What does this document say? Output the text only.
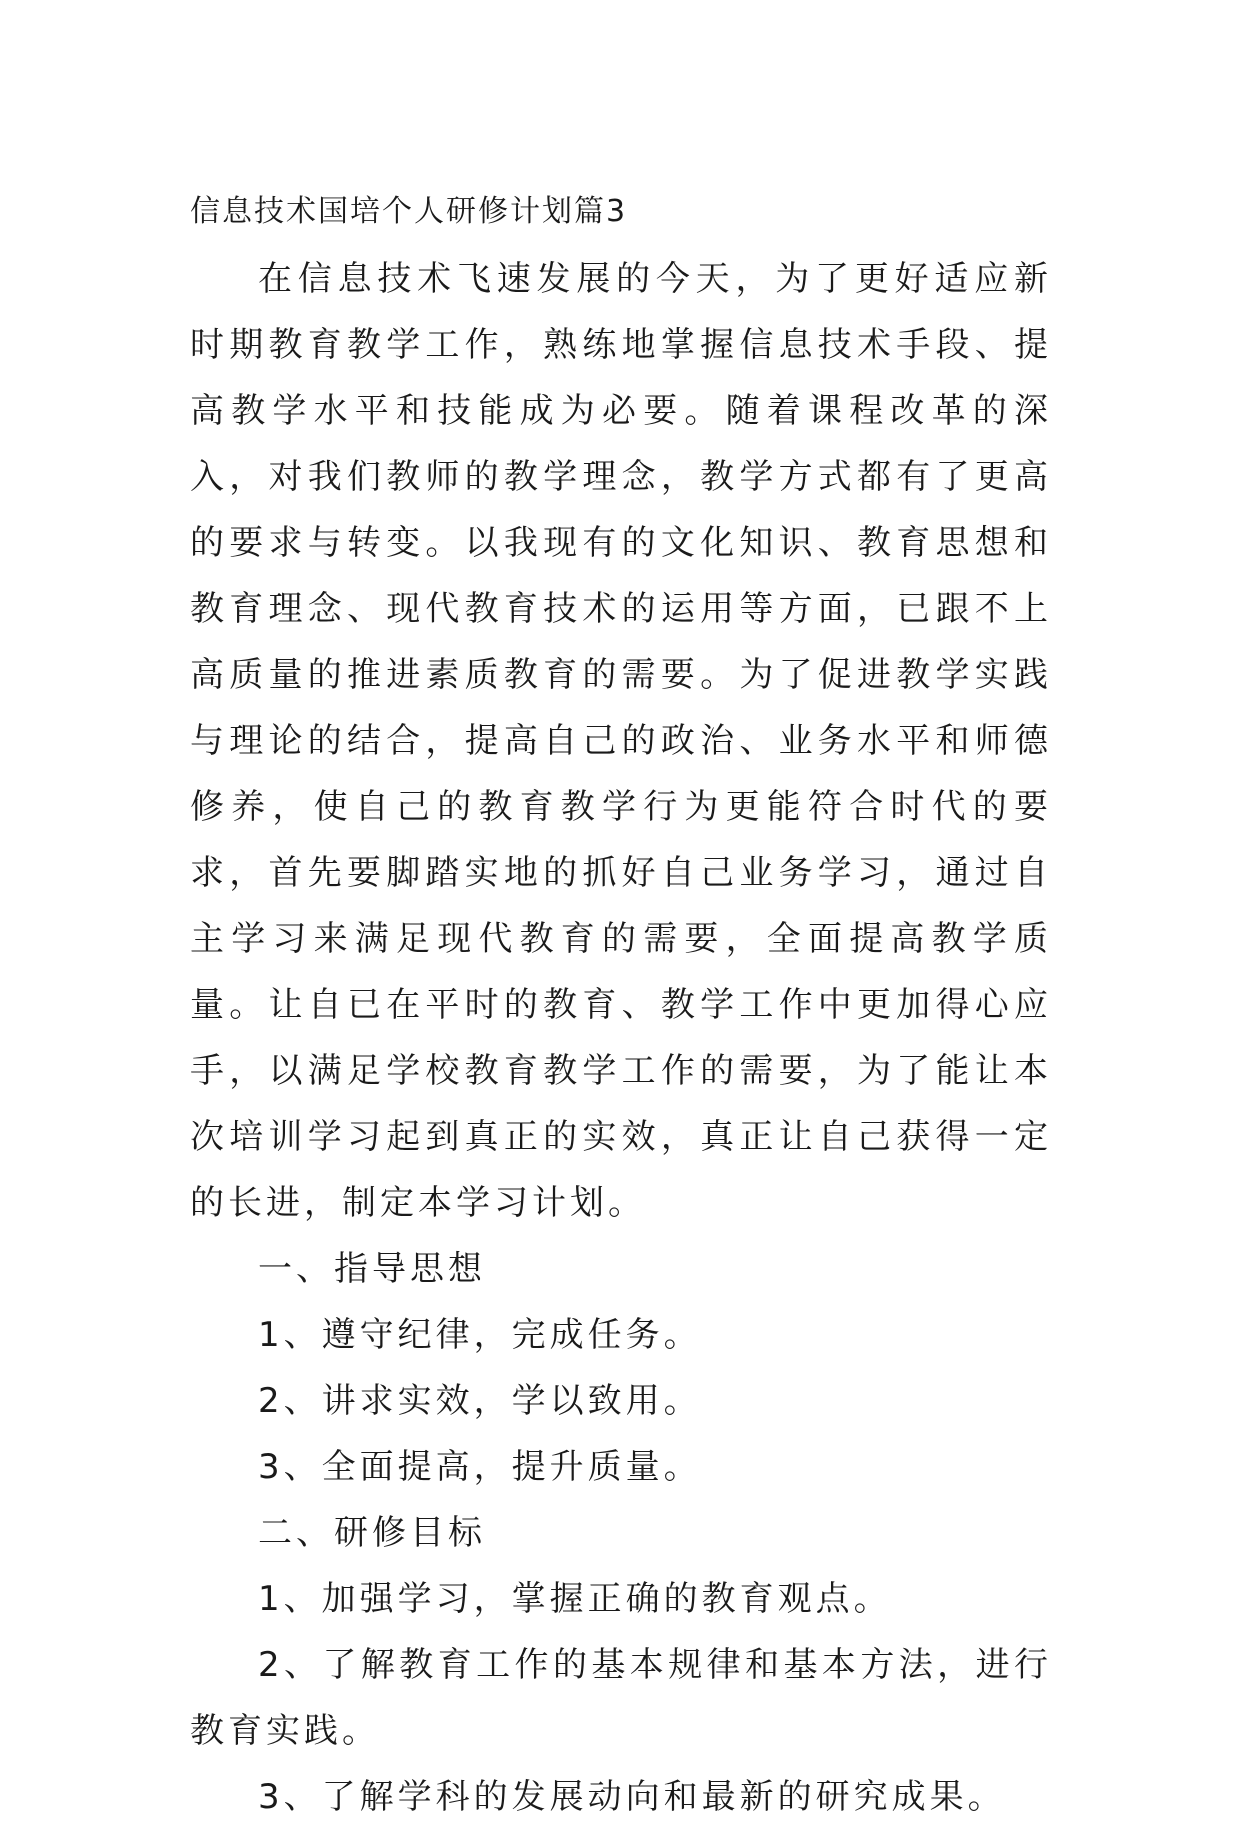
信息技术国培个人研修计划篇3

在信息技术飞速发展的今天，为了更好适应新时期教育教学工作，熟练地掌握信息技术手段、提高教学水平和技能成为必要。随着课程改革的深入，对我们教师的教学理念，教学方式都有了更高的要求与转变。以我现有的文化知识、教育思想和教育理念、现代教育技术的运用等方面，已跟不上高质量的推进素质教育的需要。为了促进教学实践与理论的结合，提高自己的政治、业务水平和师德修养，使自己的教育教学行为更能符合时代的要求，首先要脚踏实地的抓好自己业务学习，通过自主学习来满足现代教育的需要，全面提高教学质量。让自已在平时的教育、教学工作中更加得心应手，以满足学校教育教学工作的需要，为了能让本次培训学习起到真正的实效，真正让自己获得一定的长进，制定本学习计划。

一、指导思想

1、遵守纪律，完成任务。

2、讲求实效，学以致用。

3、全面提高，提升质量。

二、研修目标

1、加强学习，掌握正确的教育观点。

2、了解教育工作的基本规律和基本方法，进行教育实践。

3、了解学科的发展动向和最新的研究成果。
